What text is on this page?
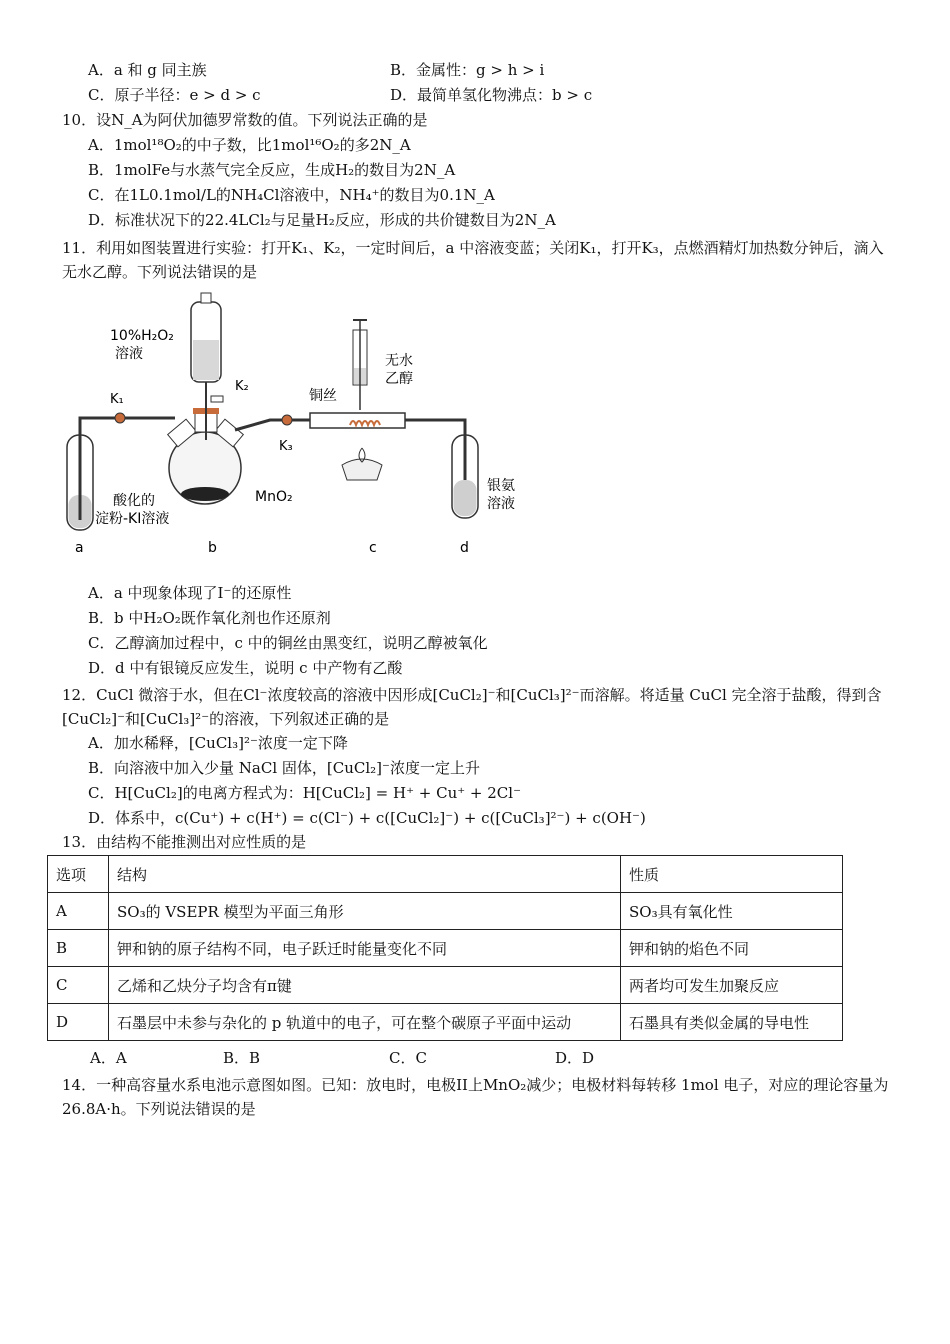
A．a 和 g 同主族	B．金属性：g > h > i
C．原子半径：e > d > c	D．最简单氢化物沸点：b > c
10．设N_A为阿伏加德罗常数的值。下列说法正确的是
A．1mol¹⁸O₂的中子数，比1mol¹⁶O₂的多2N_A
B．1molFe与水蒸气完全反应，生成H₂的数目为2N_A
C．在1L0.1mol/L的NH₄Cl溶液中，NH₄⁺的数目为0.1N_A
D．标准状况下的22.4LCl₂与足量H₂反应，形成的共价键数目为2N_A
11．利用如图装置进行实验：打开K₁、K₂，一定时间后，a 中溶液变蓝；关闭K₁，打开K₃，点燃酒精灯加热数分钟后，滴入无水乙醇。下列说法错误的是
10%H₂O₂
溶液
K₁
K₂
K₃
无水
乙醇
铜丝
MnO₂
酸化的
淀粉-KI溶液
银氨
溶液
a	b	c	d
A．a 中现象体现了I⁻的还原性
B．b 中H₂O₂既作氧化剂也作还原剂
C．乙醇滴加过程中，c 中的铜丝由黑变红，说明乙醇被氧化
D．d 中有银镜反应发生，说明 c 中产物有乙酸
12．CuCl 微溶于水，但在Cl⁻浓度较高的溶液中因形成[CuCl₂]⁻和[CuCl₃]²⁻而溶解。将适量 CuCl 完全溶于盐酸，得到含[CuCl₂]⁻和[CuCl₃]²⁻的溶液，下列叙述正确的是
A．加水稀释，[CuCl₃]²⁻浓度一定下降
B．向溶液中加入少量 NaCl 固体，[CuCl₂]⁻浓度一定上升
C．H[CuCl₂]的电离方程式为：H[CuCl₂] = H⁺ + Cu⁺ + 2Cl⁻
D．体系中，c(Cu⁺) + c(H⁺) = c(Cl⁻) + c([CuCl₂]⁻) + c([CuCl₃]²⁻) + c(OH⁻)
13．由结构不能推测出对应性质的是
选项	结构	性质
A	SO₃的 VSEPR 模型为平面三角形	SO₃具有氧化性
B	钾和钠的原子结构不同，电子跃迁时能量变化不同	钾和钠的焰色不同
C	乙烯和乙炔分子均含有π键	两者均可发生加聚反应
D	石墨层中未参与杂化的 p 轨道中的电子，可在整个碳原子平面中运动	石墨具有类似金属的导电性
A．A	B．B	C．C	D．D
14．一种高容量水系电池示意图如图。已知：放电时，电极II上MnO₂减少；电极材料每转移 1mol 电子，对应的理论容量为26.8A·h。下列说法错误的是
